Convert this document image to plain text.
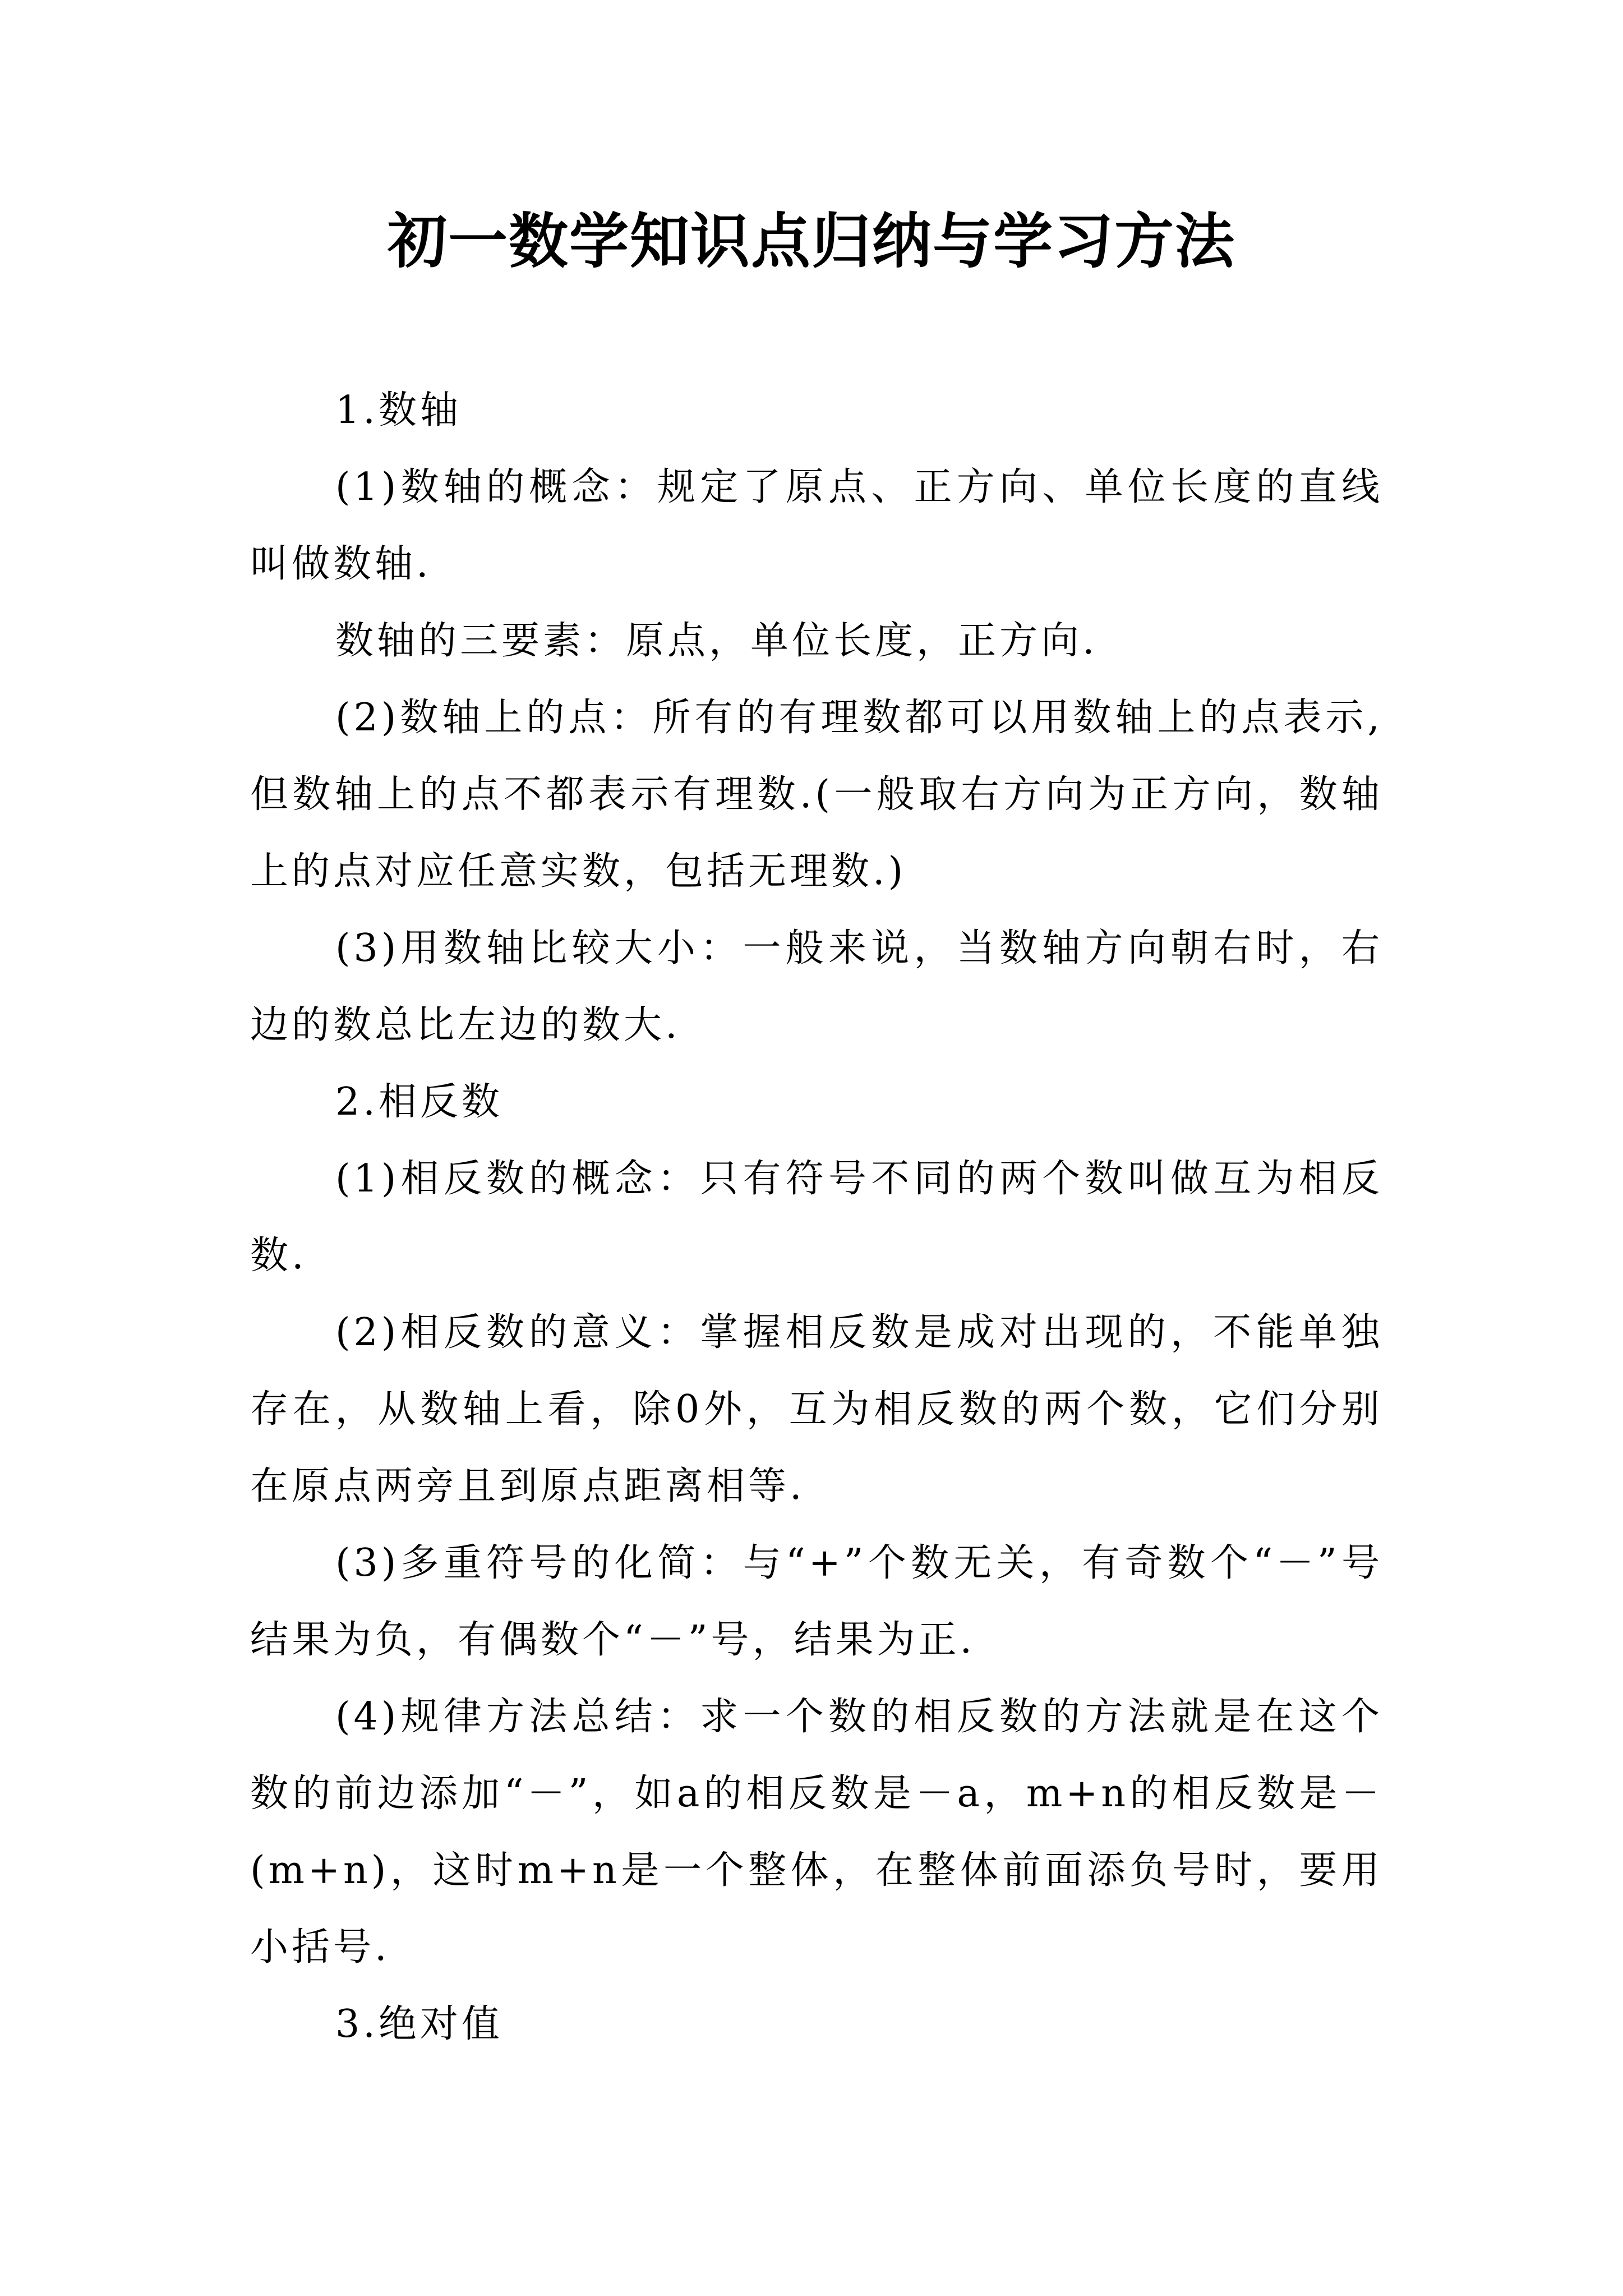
初一数学知识点归纳与学习方法

1.数轴

(1)数轴的概念：规定了原点、正方向、单位长度的直线叫做数轴.

数轴的三要素：原点，单位长度，正方向.

(2)数轴上的点：所有的有理数都可以用数轴上的点表示,但数轴上的点不都表示有理数.(一般取右方向为正方向，数轴上的点对应任意实数，包括无理数.)

(3)用数轴比较大小：一般来说，当数轴方向朝右时，右边的数总比左边的数大.

2.相反数

(1)相反数的概念：只有符号不同的两个数叫做互为相反数.

(2)相反数的意义：掌握相反数是成对出现的，不能单独存在，从数轴上看，除0外，互为相反数的两个数，它们分别在原点两旁且到原点距离相等.

(3)多重符号的化简：与“+”个数无关，有奇数个“－”号结果为负，有偶数个“－”号，结果为正.

(4)规律方法总结：求一个数的相反数的方法就是在这个数的前边添加“－”，如a的相反数是－a，m+n的相反数是－(m+n)，这时m+n是一个整体，在整体前面添负号时，要用小括号.

3.绝对值
